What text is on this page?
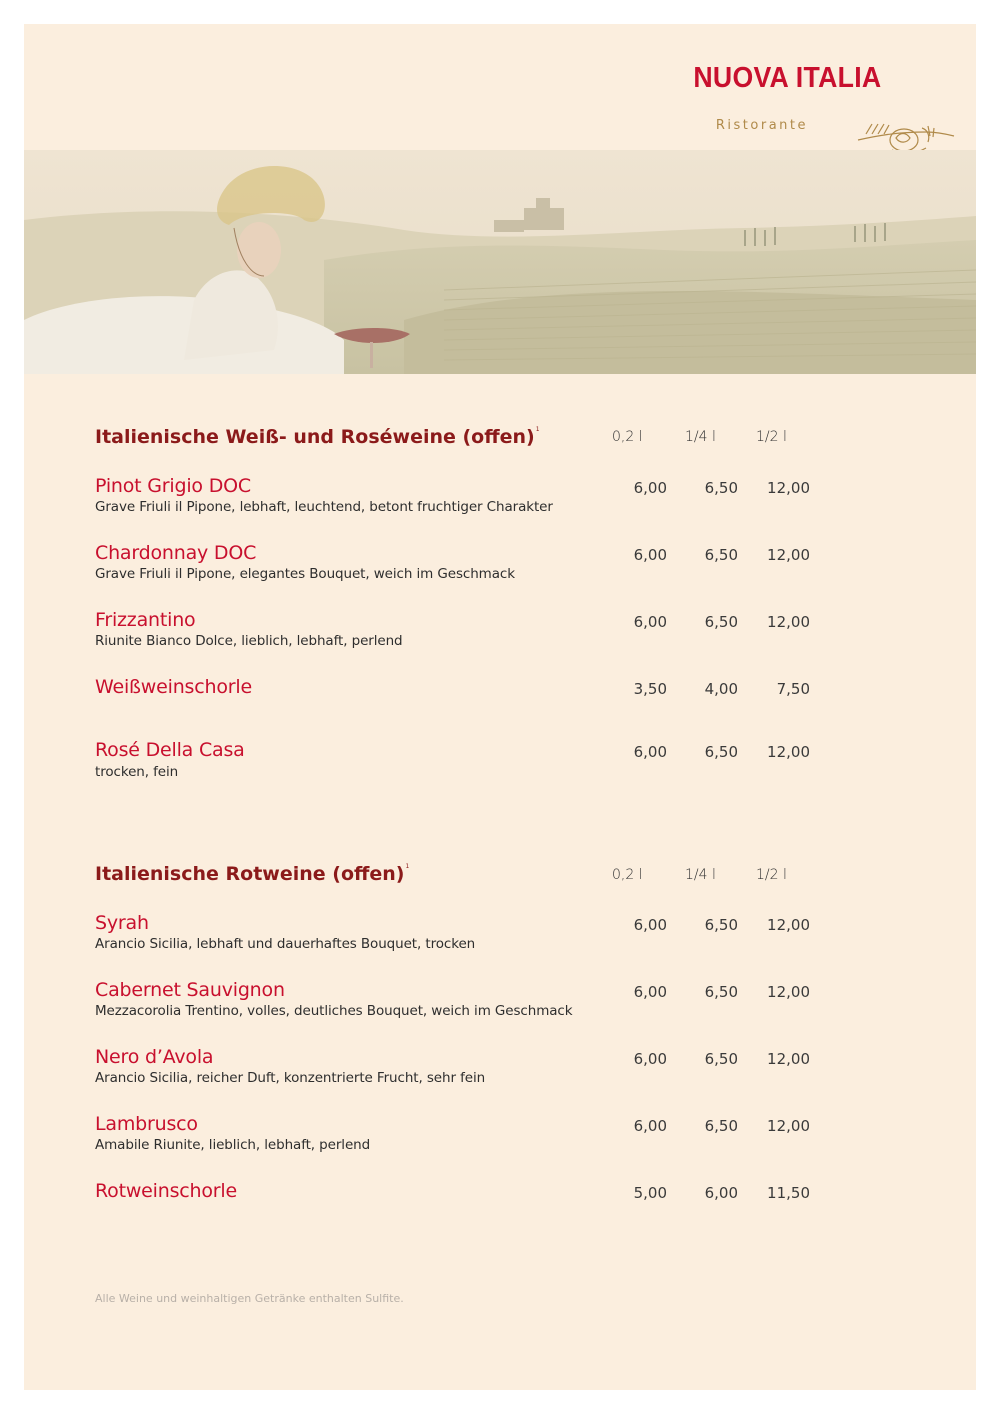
NUOVA ITALIA
Ristorante
Italienische Weiß- und Roséweine (offen)$^1$	0,2 l	1/4 l	1/2 l
Pinot Grigio DOC
Grave Friuli il Pipone, lebhaft, leuchtend, betont fruchtiger Charakter
6,00	6,50	12,00
Chardonnay DOC
Grave Friuli il Pipone, elegantes Bouquet, weich im Geschmack
6,00	6,50	12,00
Frizzantino
Riunite Bianco Dolce, lieblich, lebhaft, perlend
6,00	6,50	12,00
Weißweinschorle	3,50	4,00	7,50
Rosé Della Casa
trocken, fein
6,00	6,50	12,00
Italienische Rotweine (offen)$^1$
0,2 l	1/4 l	1/2 l
Syrah
Arancio Sicilia, lebhaft und dauerhaftes Bouquet, trocken
6,00	6,50	12,00
Cabernet Sauvignon
Mezzacorolia Trentino, volles, deutliches Bouquet, weich im Geschmack
6,00	6,50	12,00
Nero d’Avola
Arancio Sicilia, reicher Duft, konzentrierte Frucht, sehr fein
6,00	6,50	12,00
Lambrusco
Amabile Riunite, lieblich, lebhaft, perlend
6,00	6,50	12,00
Rotweinschorle	5,00	6,00	11,50
Alle Weine und weinhaltigen Getränke enthalten Sulfite.
